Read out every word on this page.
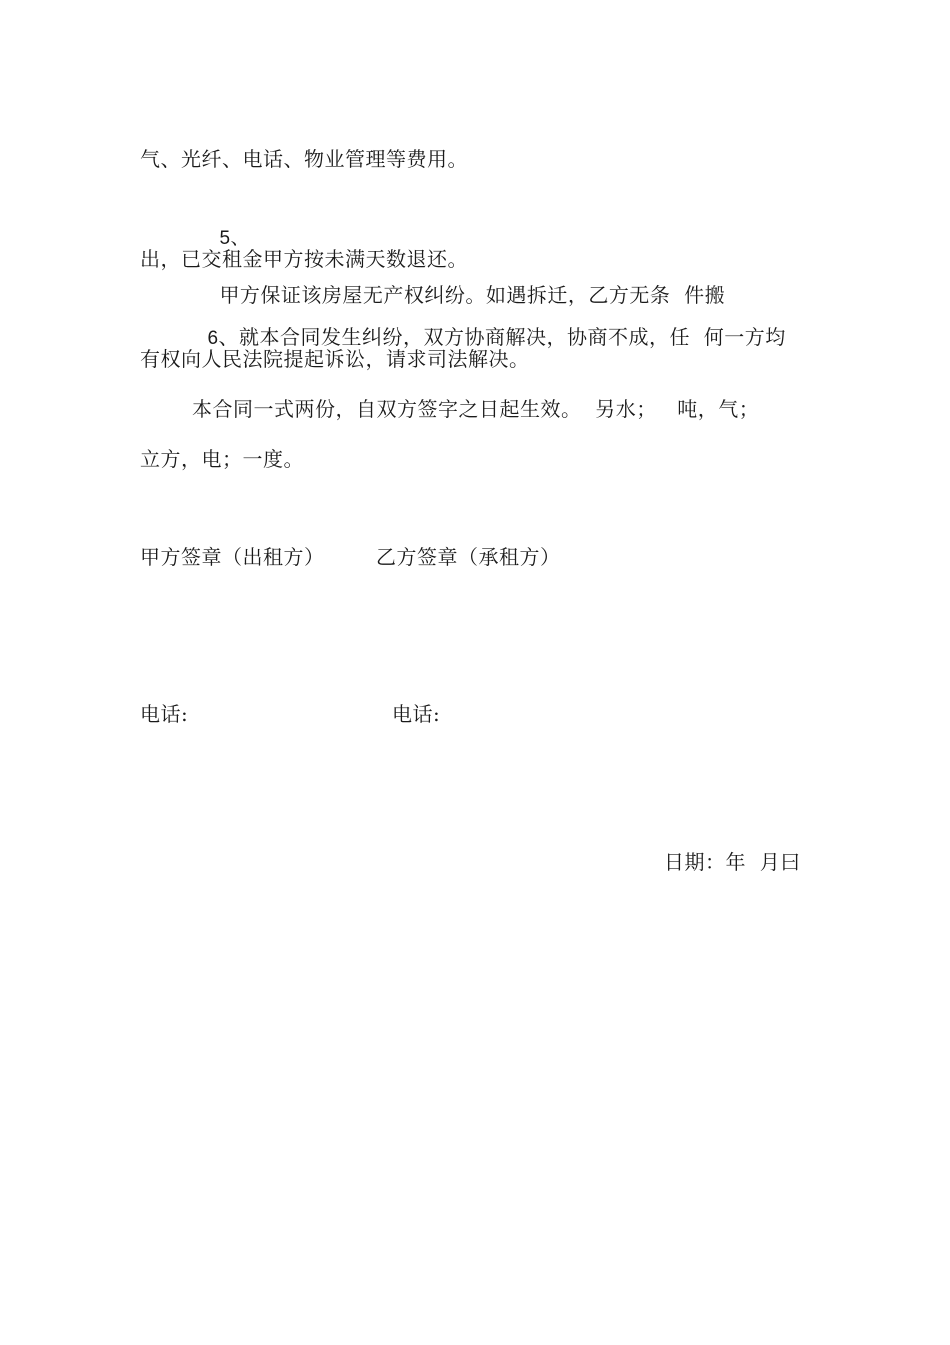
气、光纤、电话、物业管理等费用。

5、

甲方保证该房屋无产权纠纷。如遇拆迁，乙方无条  件搬

出，已交租金甲方按未满天数退还。

6、就本合同发生纠纷，双方协商解决，协商不成，任  何一方均

有权向人民法院提起诉讼，请求司法解决。
本合同一式两份，自双方签字之日起生效。  另水；   吨，气；
立方，电；一度。
甲方签章（出租方）	乙方签章（承租方）
电话:	电话:
日期：年  月曰
